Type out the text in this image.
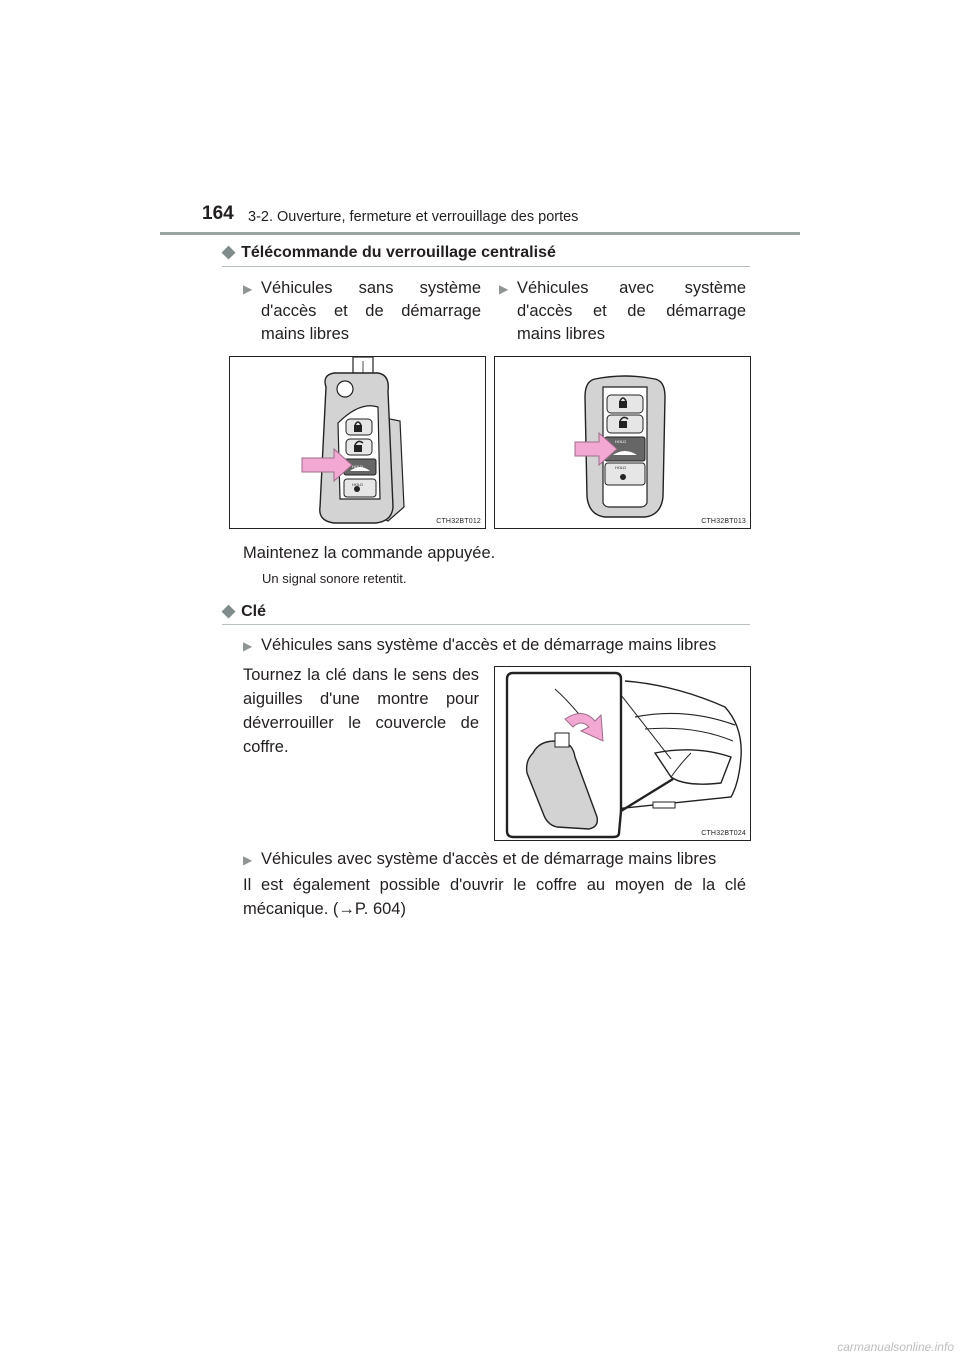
164 3-2. Ouverture, fermeture et verrouillage des portes
◆ Télécommande du verrouillage centralisé
▶ Véhicules sans système d'accès et de démarrage mains libres
▶ Véhicules avec système d'accès et de démarrage mains libres
HOLD
HOLD
CTH32BT012
HOLD
HOLD
CTH32BT013
Maintenez la commande appuyée.
Un signal sonore retentit.
◆ Clé
▶ Véhicules sans système d'accès et de démarrage mains libres
Tournez la clé dans le sens des aiguilles d'une montre pour déverrouiller le couvercle de coffre.
CTH32BT024
▶ Véhicules avec système d'accès et de démarrage mains libres
Il est également possible d'ouvrir le coffre au moyen de la clé mécanique. (→P. 604)
carmanualsonline.info
